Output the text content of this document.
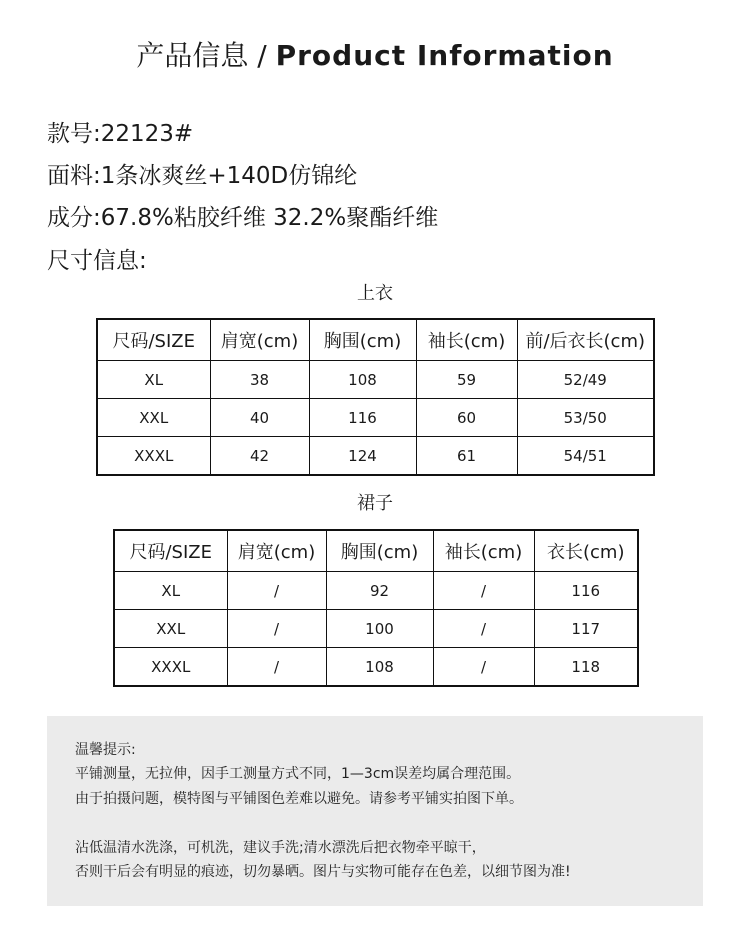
产品信息 / Product Information
款号:22123#
面料:1条冰爽丝+140D仿锦纶
成分:67.8%粘胶纤维 32.2%聚酯纤维
尺寸信息:
上衣
尺码/SIZE	肩宽(cm)	胸围(cm)	袖长(cm)	前/后衣长(cm)
XL	38	108	59	52/49
XXL	40	116	60	53/50
XXXL	42	124	61	54/51
裙子
尺码/SIZE	肩宽(cm)	胸围(cm)	袖长(cm)	衣长(cm)
XL	/	92	/	116
XXL	/	100	/	117
XXXL	/	108	/	118

温馨提示:

平铺测量，无拉伸，因手工测量方式不同，1—3cm误差均属合理范围。

由于拍摄问题，模特图与平铺图色差难以避免。请参考平铺实拍图下单。

沾低温清水洗涤，可机洗，建议手洗;清水漂洗后把衣物牵平晾干，

否则干后会有明显的痕迹，切勿暴晒。图片与实物可能存在色差，以细节图为准!
